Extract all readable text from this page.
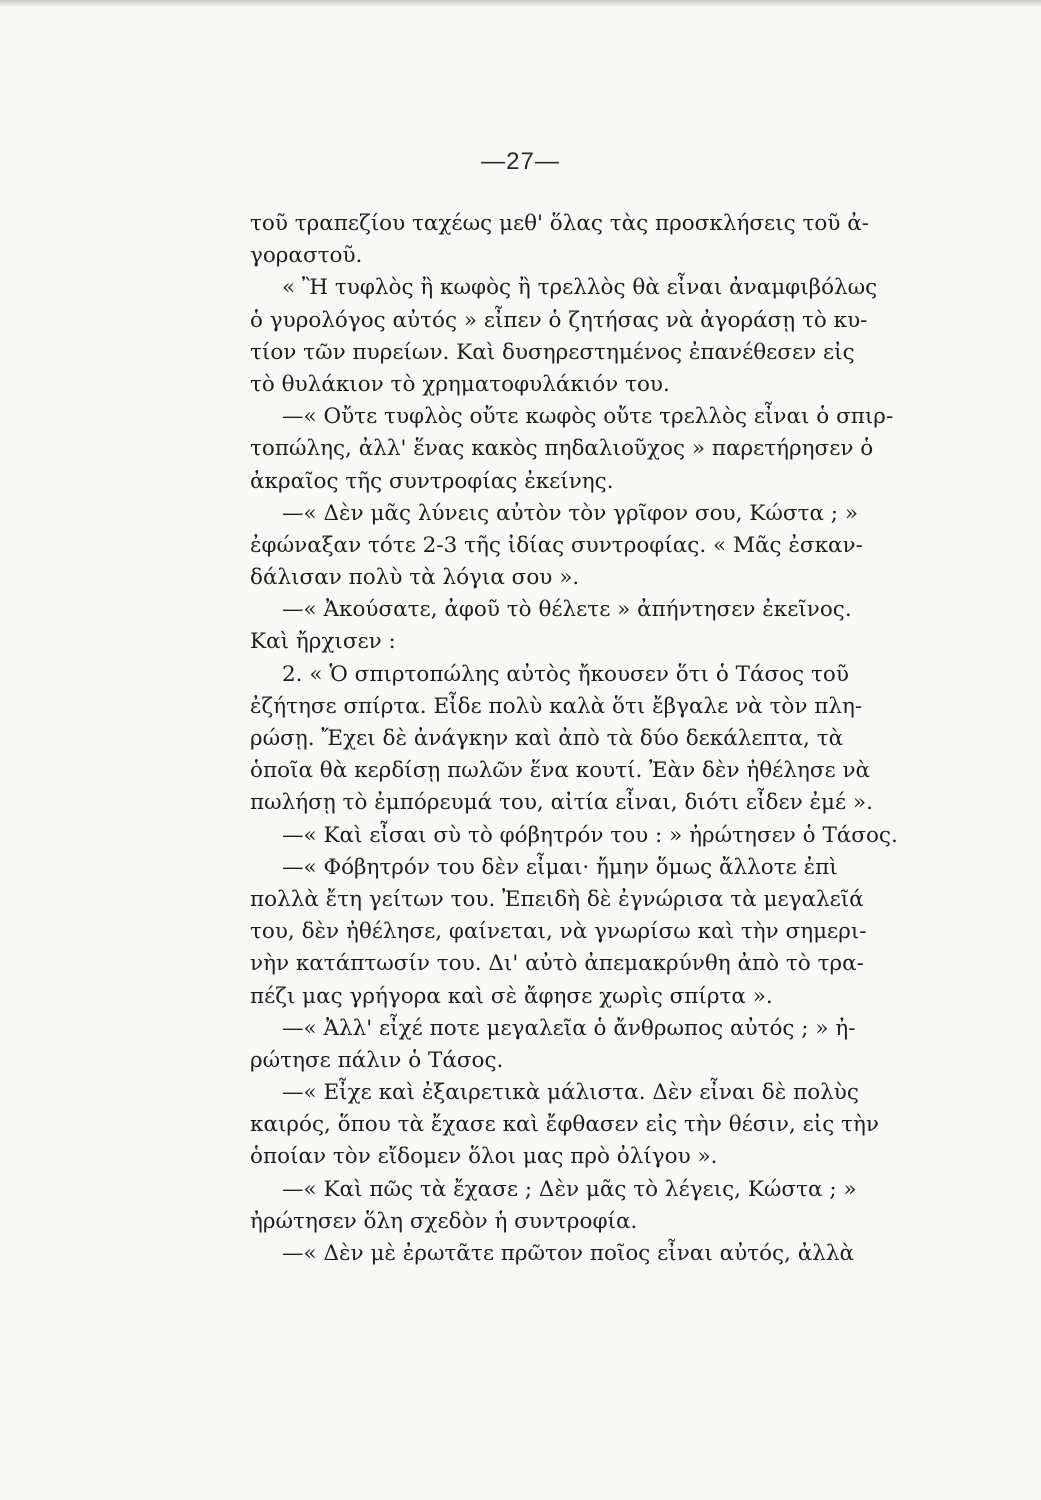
—27—
τοῦ τραπεζίου ταχέως μεθ' ὅλας τὰς προσκλήσεις τοῦ ἀ-
γοραστοῦ.
« Ἢ τυφλὸς ἢ κωφὸς ἢ τρελλὸς θὰ εἶναι ἀναμφιβόλως
ὁ γυρολόγος αὐτός » εἶπεν ὁ ζητήσας νὰ ἀγοράσῃ τὸ κυ-
τίον τῶν πυρείων. Καὶ δυσηρεστημένος ἐπανέθεσεν εἰς
τὸ θυλάκιον τὸ χρηματοφυλάκιόν του.
—« Οὔτε τυφλὸς οὔτε κωφὸς οὔτε τρελλὸς εἶναι ὁ σπιρ-
τοπώλης, ἀλλ' ἕνας κακὸς πηδαλιοῦχος » παρετήρησεν ὁ
ἀκραῖος τῆς συντροφίας ἐκείνης.
—« Δὲν μᾶς λύνεις αὐτὸν τὸν γρῖφον σου, Κώστα ; »
ἐφώναξαν τότε 2-3 τῆς ἰδίας συντροφίας. « Μᾶς ἐσκαν-
δάλισαν πολὺ τὰ λόγια σου ».
—« Ἀκούσατε, ἀφοῦ τὸ θέλετε » ἀπήντησεν ἐκεῖνος.
Καὶ ἤρχισεν :
2. « Ὁ σπιρτοπώλης αὐτὸς ἤκουσεν ὅτι ὁ Τάσος τοῦ
ἐζήτησε σπίρτα. Εἶδε πολὺ καλὰ ὅτι ἔβγαλε νὰ τὸν πλη-
ρώσῃ. Ἔχει δὲ ἀνάγκην καὶ ἀπὸ τὰ δύο δεκάλεπτα, τὰ
ὁποῖα θὰ κερδίσῃ πωλῶν ἕνα κουτί. Ἐὰν δὲν ἠθέλησε νὰ
πωλήσῃ τὸ ἐμπόρευμά του, αἰτία εἶναι, διότι εἶδεν ἐμέ ».
—« Καὶ εἶσαι σὺ τὸ φόβητρόν του : » ἠρώτησεν ὁ Τάσος.
—« Φόβητρόν του δὲν εἶμαι· ἤμην ὅμως ἄλλοτε ἐπὶ
πολλὰ ἔτη γείτων του. Ἐπειδὴ δὲ ἐγνώρισα τὰ μεγαλεῖά
του, δὲν ἠθέλησε, φαίνεται, νὰ γνωρίσω καὶ τὴν σημερι-
νὴν κατάπτωσίν του. Δι' αὐτὸ ἀπεμακρύνθη ἀπὸ τὸ τρα-
πέζι μας γρήγορα καὶ σὲ ἄφησε χωρὶς σπίρτα ».
—« Ἀλλ' εἶχέ ποτε μεγαλεῖα ὁ ἄνθρωπος αὐτός ; » ἠ-
ρώτησε πάλιν ὁ Τάσος.
—« Εἶχε καὶ ἐξαιρετικὰ μάλιστα. Δὲν εἶναι δὲ πολὺς
καιρός, ὅπου τὰ ἔχασε καὶ ἔφθασεν εἰς τὴν θέσιν, εἰς τὴν
ὁποίαν τὸν εἴδομεν ὅλοι μας πρὸ ὀλίγου ».
—« Καὶ πῶς τὰ ἔχασε ; Δὲν μᾶς τὸ λέγεις, Κώστα ; »
ἠρώτησεν ὅλη σχεδὸν ἡ συντροφία.
—« Δὲν μὲ ἐρωτᾶτε πρῶτον ποῖος εἶναι αὐτός, ἀλλὰ
